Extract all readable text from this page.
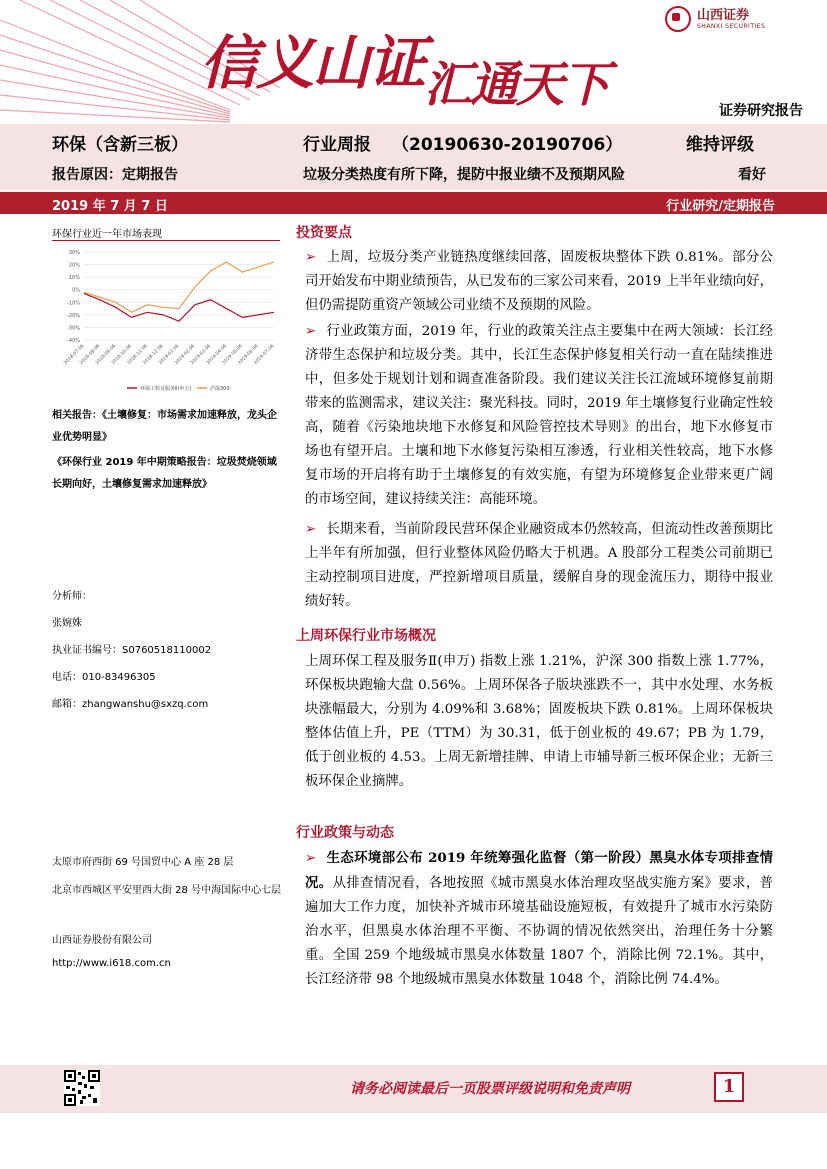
信义山证汇通天下
山西证券
SHANXI SECURITIES
证券研究报告
环保（含新三板）	行业周报 （20190630-20190706）	维持评级
报告原因：定期报告	垃圾分类热度有所下降，提防中报业绩不及预期风险	看好
2019 年 7 月 7 日	行业研究/定期报告
环保行业近一年市场表现
30%
20%
10%
0%
-10%
-20%
-30%
-40%
2018-07-06
2018-08-06
2018-09-06
2018-10-06
2018-11-06
2018-12-06
2019-01-06
2019-02-06
2019-03-06
2019-04-06
2019-05-06
2019-06-06
2019-07-06
环保工程及服务Ⅱ(申万)	沪深300
相关报告：《土壤修复：市场需求加速释放，龙头企业优势明显》
《环保行业 2019 年中期策略报告：垃圾焚烧领域长期向好，土壤修复需求加速释放》
分析师：
张婉姝
执业证书编号：S0760518110002
电话：010-83496305
邮箱：zhangwanshu@sxzq.com
太原市府西街 69 号国贸中心 A 座 28 层
北京市西城区平安里西大街 28 号中海国际中心七层
山西证券股份有限公司
http://www.i618.com.cn
投资要点
➢ 上周，垃圾分类产业链热度继续回落，固废板块整体下跌 0.81%。部分公司开始发布中期业绩预告，从已发布的三家公司来看，2019 上半年业绩向好，但仍需提防重资产领域公司业绩不及预期的风险。
➢ 行业政策方面，2019 年，行业的政策关注点主要集中在两大领域：长江经济带生态保护和垃圾分类。其中，长江生态保护修复相关行动一直在陆续推进中，但多处于规划计划和调查准备阶段。我们建议关注长江流域环境修复前期带来的监测需求，建议关注：聚光科技。同时，2019 年土壤修复行业确定性较高，随着《污染地块地下水修复和风险管控技术导则》的出台，地下水修复市场也有望开启。土壤和地下水修复污染相互渗透，行业相关性较高，地下水修复市场的开启将有助于土壤修复的有效实施，有望为环境修复企业带来更广阔的市场空间，建议持续关注：高能环境。
➢ 长期来看，当前阶段民营环保企业融资成本仍然较高，但流动性改善预期比上半年有所加强，但行业整体风险仍略大于机遇。A 股部分工程类公司前期已主动控制项目进度，严控新增项目质量，缓解自身的现金流压力，期待中报业绩好转。
上周环保行业市场概况
上周环保工程及服务Ⅱ(申万) 指数上涨 1.21%，沪深 300 指数上涨 1.77%，环保板块跑输大盘 0.56%。上周环保各子版块涨跌不一，其中水处理、水务板块涨幅最大，分别为 4.09%和 3.68%；固废板块下跌 0.81%。上周环保板块整体估值上升，PE（TTM）为 30.31，低于创业板的 49.67；PB 为 1.79，低于创业板的 4.53。上周无新增挂牌、申请上市辅导新三板环保企业；无新三板环保企业摘牌。
行业政策与动态
➢ 生态环境部公布 2019 年统筹强化监督（第一阶段）黑臭水体专项排查情况。从排查情况看，各地按照《城市黑臭水体治理攻坚战实施方案》要求，普遍加大工作力度，加快补齐城市环境基础设施短板，有效提升了城市水污染防治水平，但黑臭水体治理不平衡、不协调的情况依然突出，治理任务十分繁重。全国 259 个地级城市黑臭水体数量 1807 个，消除比例 72.1%。其中，长江经济带 98 个地级城市黑臭水体数量 1048 个，消除比例 74.4%。
请务必阅读最后一页股票评级说明和免责声明	1
